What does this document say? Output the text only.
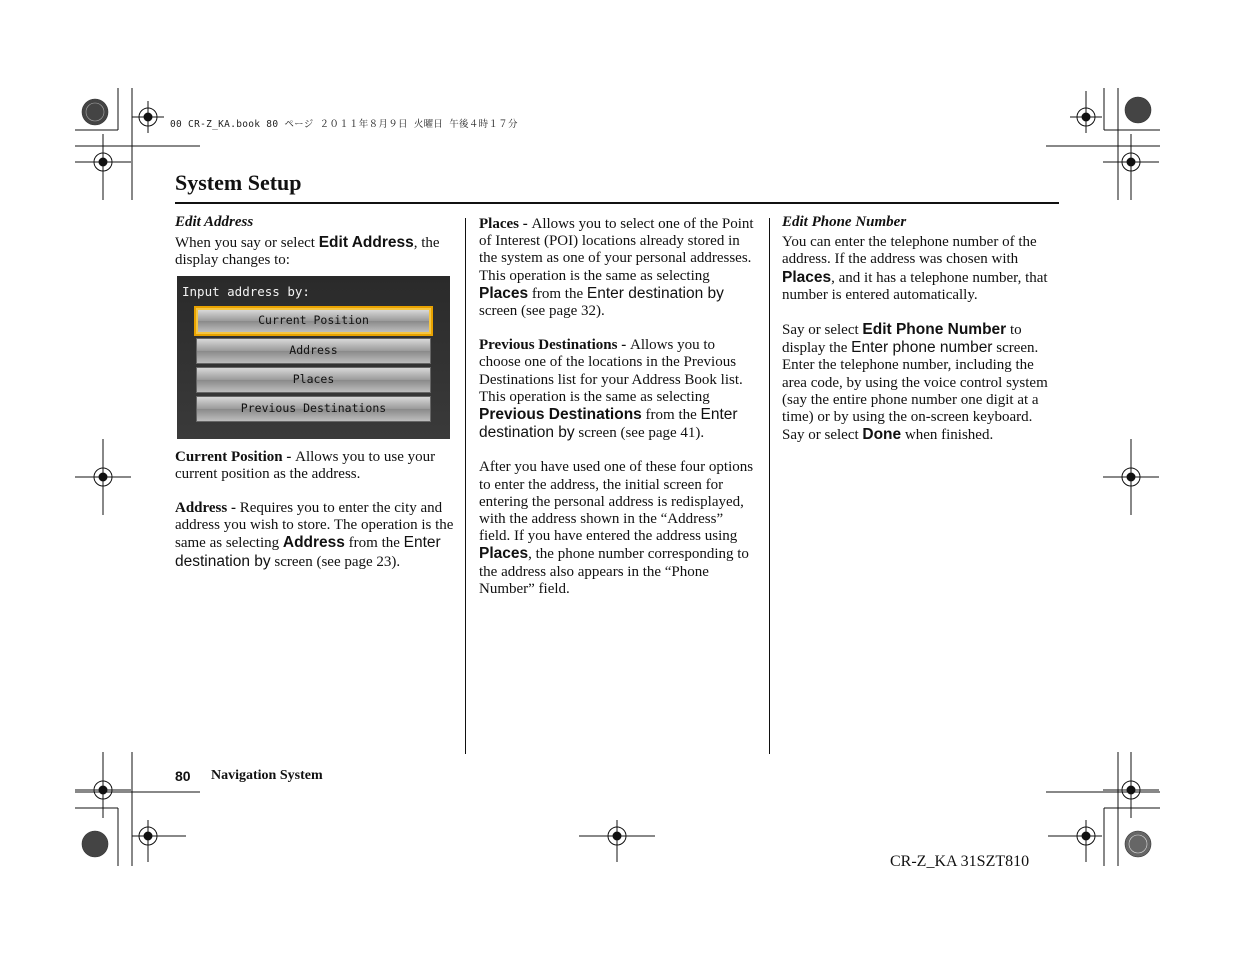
00 CR-Z_KA.book 80 ページ ２０１１年８月９日 火曜日 午後４時１７分
System Setup

Edit Address

When you say or select Edit Address, the display changes to:

Input address by:
Current Position
Address
Places
Previous Destinations

Current Position - Allows you to use your current position as the address.

Address - Requires you to enter the city and address you wish to store. The operation is the same as selecting Address from the Enter destination by screen (see page 23).

Places - Allows you to select one of the Point of Interest (POI) locations already stored in the system as one of your personal addresses. This operation is the same as selecting Places from the Enter destination by screen (see page 32).

Previous Destinations - Allows you to choose one of the locations in the Previous Destinations list for your Address Book list. This operation is the same as selecting Previous Destinations from the Enter destination by screen (see page 41).

After you have used one of these four options to enter the address, the initial screen for entering the personal address is redisplayed, with the address shown in the “Address” field. If you have entered the address using Places, the phone number corresponding to the address also appears in the “Phone Number” field.

Edit Phone Number

You can enter the telephone number of the address. If the address was chosen with Places, and it has a telephone number, that number is entered automatically.

Say or select Edit Phone Number to display the Enter phone number screen. Enter the telephone number, including the area code, by using the voice control system (say the entire phone number one digit at a time) or by using the on-screen keyboard. Say or select Done when finished.

80 Navigation System
CR-Z_KA 31SZT810
